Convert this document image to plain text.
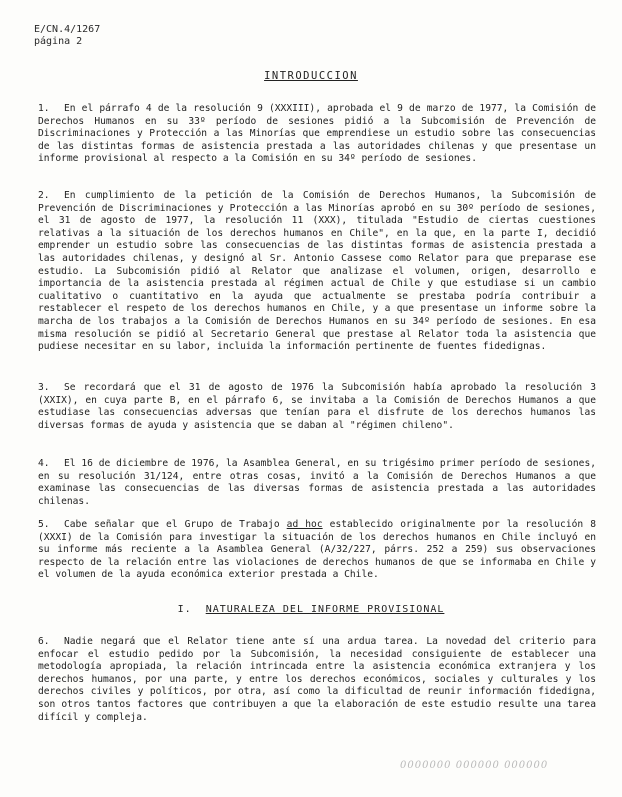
E/CN.4/1267
página 2
INTRODUCCION

1. En el párrafo 4 de la resolución 9 (XXXIII), aprobada el 9 de marzo de 1977, la Comisión de Derechos Humanos en su 33º período de sesiones pidió a la Subcomisión de Prevención de Discriminaciones y Protección a las Minorías que emprendiese un estudio sobre las consecuencias de las distintas formas de asistencia prestada a las autoridades chilenas y que presentase un informe provisional al respecto a la Comisión en su 34º período de sesiones.

2. En cumplimiento de la petición de la Comisión de Derechos Humanos, la Subcomisión de Prevención de Discriminaciones y Protección a las Minorías aprobó en su 30º período de sesiones, el 31 de agosto de 1977, la resolución 11 (XXX), titulada "Estudio de ciertas cuestiones relativas a la situación de los derechos humanos en Chile", en la que, en la parte I, decidió emprender un estudio sobre las consecuencias de las distintas formas de asistencia prestada a las autoridades chilenas, y designó al Sr. Antonio Cassese como Relator para que preparase ese estudio. La Subcomisión pidió al Relator que analizase el volumen, origen, desarrollo e importancia de la asistencia prestada al régimen actual de Chile y que estudiase si un cambio cualitativo o cuantitativo en la ayuda que actualmente se prestaba podría contribuir a restablecer el respeto de los derechos humanos en Chile, y a que presentase un informe sobre la marcha de los trabajos a la Comisión de Derechos Humanos en su 34º período de sesiones. En esa misma resolución se pidió al Secretario General que prestase al Relator toda la asistencia que pudiese necesitar en su labor, incluida la información pertinente de fuentes fidedignas.

3. Se recordará que el 31 de agosto de 1976 la Subcomisión había aprobado la resolución 3 (XXIX), en cuya parte B, en el párrafo 6, se invitaba a la Comisión de Derechos Humanos a que estudiase las consecuencias adversas que tenían para el disfrute de los derechos humanos las diversas formas de ayuda y asistencia que se daban al "régimen chileno".

4. El 16 de diciembre de 1976, la Asamblea General, en su trigésimo primer período de sesiones, en su resolución 31/124, entre otras cosas, invitó a la Comisión de Derechos Humanos a que examinase las consecuencias de las diversas formas de asistencia prestada a las autoridades chilenas.

5. Cabe señalar que el Grupo de Trabajo ad hoc establecido originalmente por la resolución 8 (XXXI) de la Comisión para investigar la situación de los derechos humanos en Chile incluyó en su informe más reciente a la Asamblea General (A/32/227, párrs. 252 a 259) sus observaciones respecto de la relación entre las violaciones de derechos humanos de que se informaba en Chile y el volumen de la ayuda económica exterior prestada a Chile.

I. NATURALEZA DEL INFORME PROVISIONAL

6. Nadie negará que el Relator tiene ante sí una ardua tarea. La novedad del criterio para enfocar el estudio pedido por la Subcomisión, la necesidad consiguiente de establecer una metodología apropiada, la relación intrincada entre la asistencia económica extranjera y los derechos humanos, por una parte, y entre los derechos económicos, sociales y culturales y los derechos civiles y políticos, por otra, así como la dificultad de reunir información fidedigna, son otros tantos factores que contribuyen a que la elaboración de este estudio resulte una tarea difícil y compleja.

0000000 000000 000000
